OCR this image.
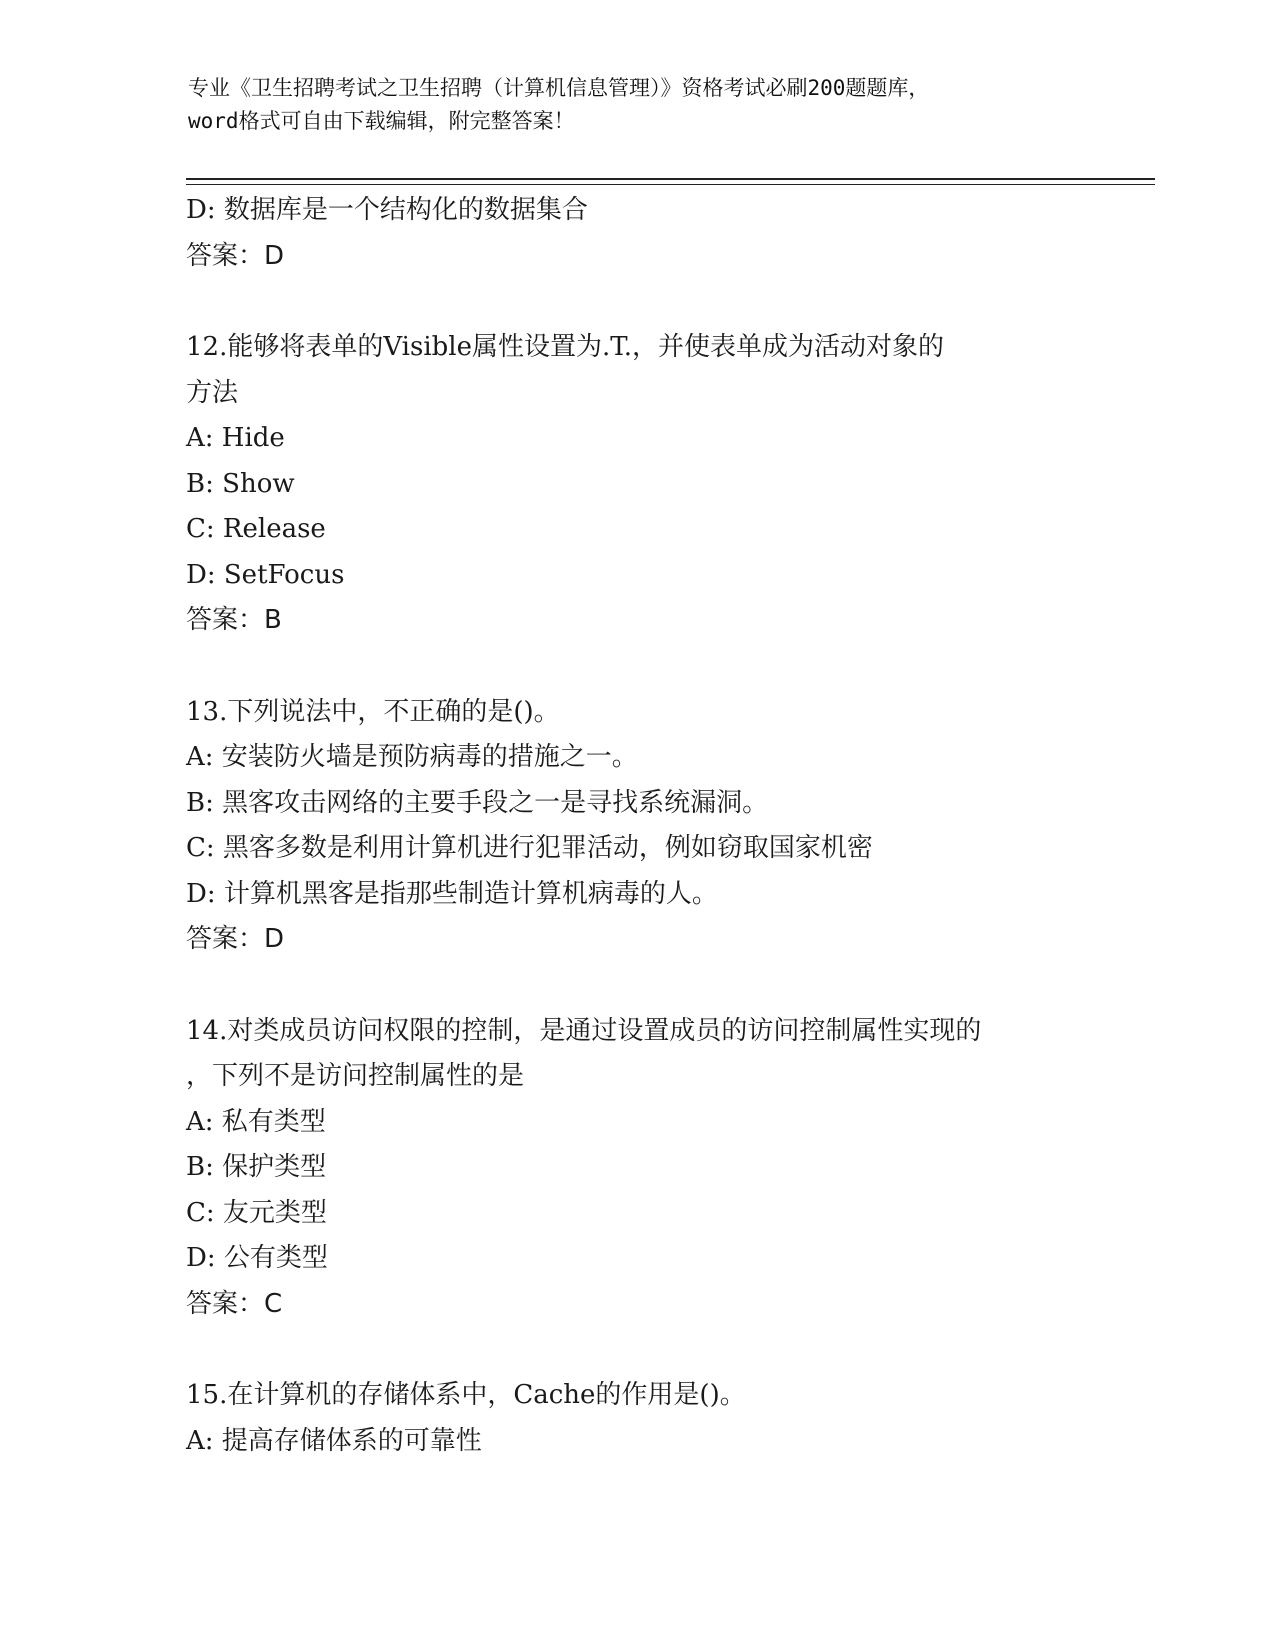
专业《卫生招聘考试之卫生招聘（计算机信息管理）》资格考试必刷200题题库，
word格式可自由下载编辑，附完整答案！
D: 数据库是一个结构化的数据集合
答案：D
12.能够将表单的Visible属性设置为.T.，并使表单成为活动对象的
方法
A: Hide
B: Show
C: Release
D: SetFocus
答案：B
13.下列说法中，不正确的是()。
A: 安装防火墙是预防病毒的措施之一。
B: 黑客攻击网络的主要手段之一是寻找系统漏洞。
C: 黑客多数是利用计算机进行犯罪活动，例如窃取国家机密
D: 计算机黑客是指那些制造计算机病毒的人。
答案：D
14.对类成员访问权限的控制，是通过设置成员的访问控制属性实现的
，下列不是访问控制属性的是
A: 私有类型
B: 保护类型
C: 友元类型
D: 公有类型
答案：C
15.在计算机的存储体系中，Cache的作用是()。
A: 提高存储体系的可靠性
